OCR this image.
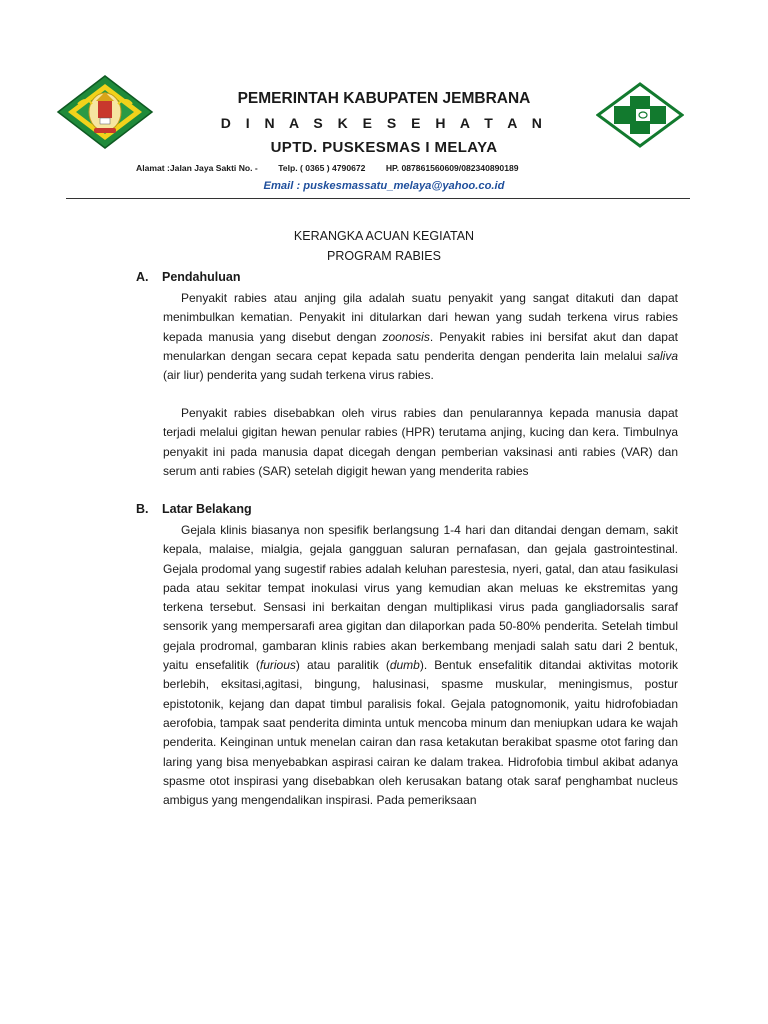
PEMERINTAH KABUPATEN JEMBRANA
D I N A S K E S E H A T A N
UPTD. PUSKESMAS I MELAYA
Alamat :Jalan Jaya Sakti No. - Telp. ( 0365 ) 4790672 HP. 087861560609/082340890189
Email : puskesmassatu_melaya@yahoo.co.id
KERANGKA ACUAN KEGIATAN
PROGRAM RABIES
A. Pendahuluan

Penyakit rabies atau anjing gila adalah suatu penyakit yang sangat ditakuti dan dapat menimbulkan kematian. Penyakit ini ditularkan dari hewan yang sudah terkena virus rabies kepada manusia yang disebut dengan zoonosis. Penyakit rabies ini bersifat akut dan dapat menularkan dengan secara cepat kepada satu penderita dengan penderita lain melalui saliva (air liur) penderita yang sudah terkena virus rabies.

Penyakit rabies disebabkan oleh virus rabies dan penularannya kepada manusia dapat terjadi melalui gigitan hewan penular rabies (HPR) terutama anjing, kucing dan kera. Timbulnya penyakit ini pada manusia dapat dicegah dengan pemberian vaksinasi anti rabies (VAR) dan serum anti rabies (SAR) setelah digigit hewan yang menderita rabies

B. Latar Belakang

Gejala klinis biasanya non spesifik berlangsung 1-4 hari dan ditandai dengan demam, sakit kepala, malaise, mialgia, gejala gangguan saluran pernafasan, dan gejala gastrointestinal. Gejala prodomal yang sugestif rabies adalah keluhan parestesia, nyeri, gatal, dan atau fasikulasi pada atau sekitar tempat inokulasi virus yang kemudian akan meluas ke ekstremitas yang terkena tersebut. Sensasi ini berkaitan dengan multiplikasi virus pada gangliadorsalis saraf sensorik yang mempersarafi area gigitan dan dilaporkan pada 50-80% penderita. Setelah timbul gejala prodromal, gambaran klinis rabies akan berkembang menjadi salah satu dari 2 bentuk, yaitu ensefalitik (furious) atau paralitik (dumb). Bentuk ensefalitik ditandai aktivitas motorik berlebih, eksitasi,agitasi, bingung, halusinasi, spasme muskular, meningismus, postur epistotonik, kejang dan dapat timbul paralisis fokal. Gejala patognomonik, yaitu hidrofobiadan aerofobia, tampak saat penderita diminta untuk mencoba minum dan meniupkan udara ke wajah penderita. Keinginan untuk menelan cairan dan rasa ketakutan berakibat spasme otot faring dan laring yang bisa menyebabkan aspirasi cairan ke dalam trakea. Hidrofobia timbul akibat adanya spasme otot inspirasi yang disebabkan oleh kerusakan batang otak saraf penghambat nucleus ambigus yang mengendalikan inspirasi. Pada pemeriksaan
